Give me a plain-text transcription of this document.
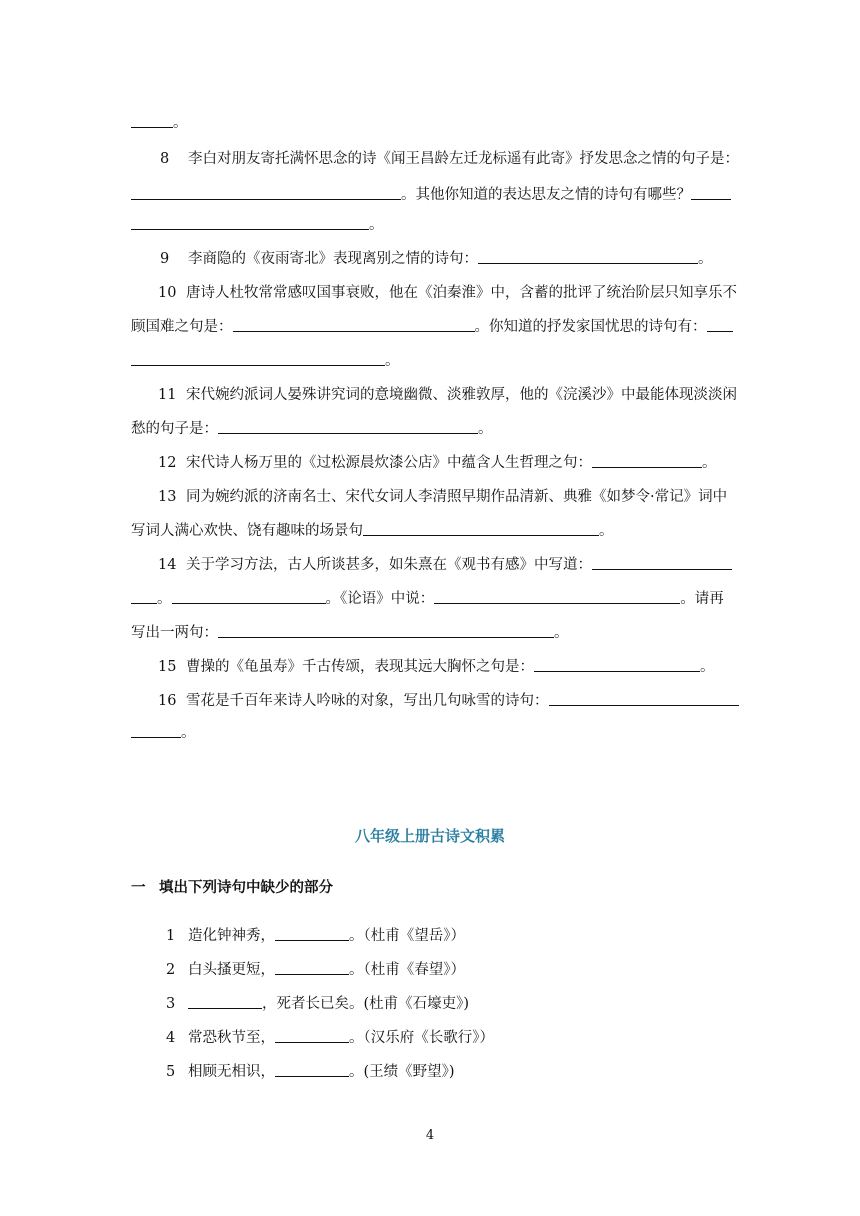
。
8 李白对朋友寄托满怀思念的诗《闻王昌龄左迁龙标遥有此寄》抒发思念之情的句子是：
。其他你知道的表达思友之情的诗句有哪些？
。
9 李商隐的《夜雨寄北》表现离别之情的诗句：	。
10 唐诗人杜牧常常感叹国事衰败，他在《泊秦淮》中，含蓄的批评了统治阶层只知享乐不
顾国难之句是：	。你知道的抒发家国忧思的诗句有：
。
11 宋代婉约派词人晏殊讲究词的意境幽微、淡雅敦厚，他的《浣溪沙》中最能体现淡淡闲
愁的句子是：	。
12 宋代诗人杨万里的《过松源晨炊漆公店》中蕴含人生哲理之句：	。
13 同为婉约派的济南名士、宋代女词人李清照早期作品清新、典雅《如梦令·常记》词中
写词人满心欢快、饶有趣味的场景句	。
14 关于学习方法，古人所谈甚多，如朱熹在《观书有感》中写道：
。	。《论语》中说：	。请再
写出一两句：	。
15 曹操的《龟虽寿》千古传颂，表现其远大胸怀之句是：	。
16 雪花是千百年来诗人吟咏的对象，写出几句咏雪的诗句：
。
八年级上册古诗文积累
一 填出下列诗句中缺少的部分
1 造化钟神秀，	。（杜甫《望岳》）
2 白头搔更短，	。（杜甫《春望》）
3	，死者长已矣。(杜甫《石壕吏》)
4 常恐秋节至，	。（汉乐府《长歌行》）
5 相顾无相识，	。(王绩《野望》)
4
